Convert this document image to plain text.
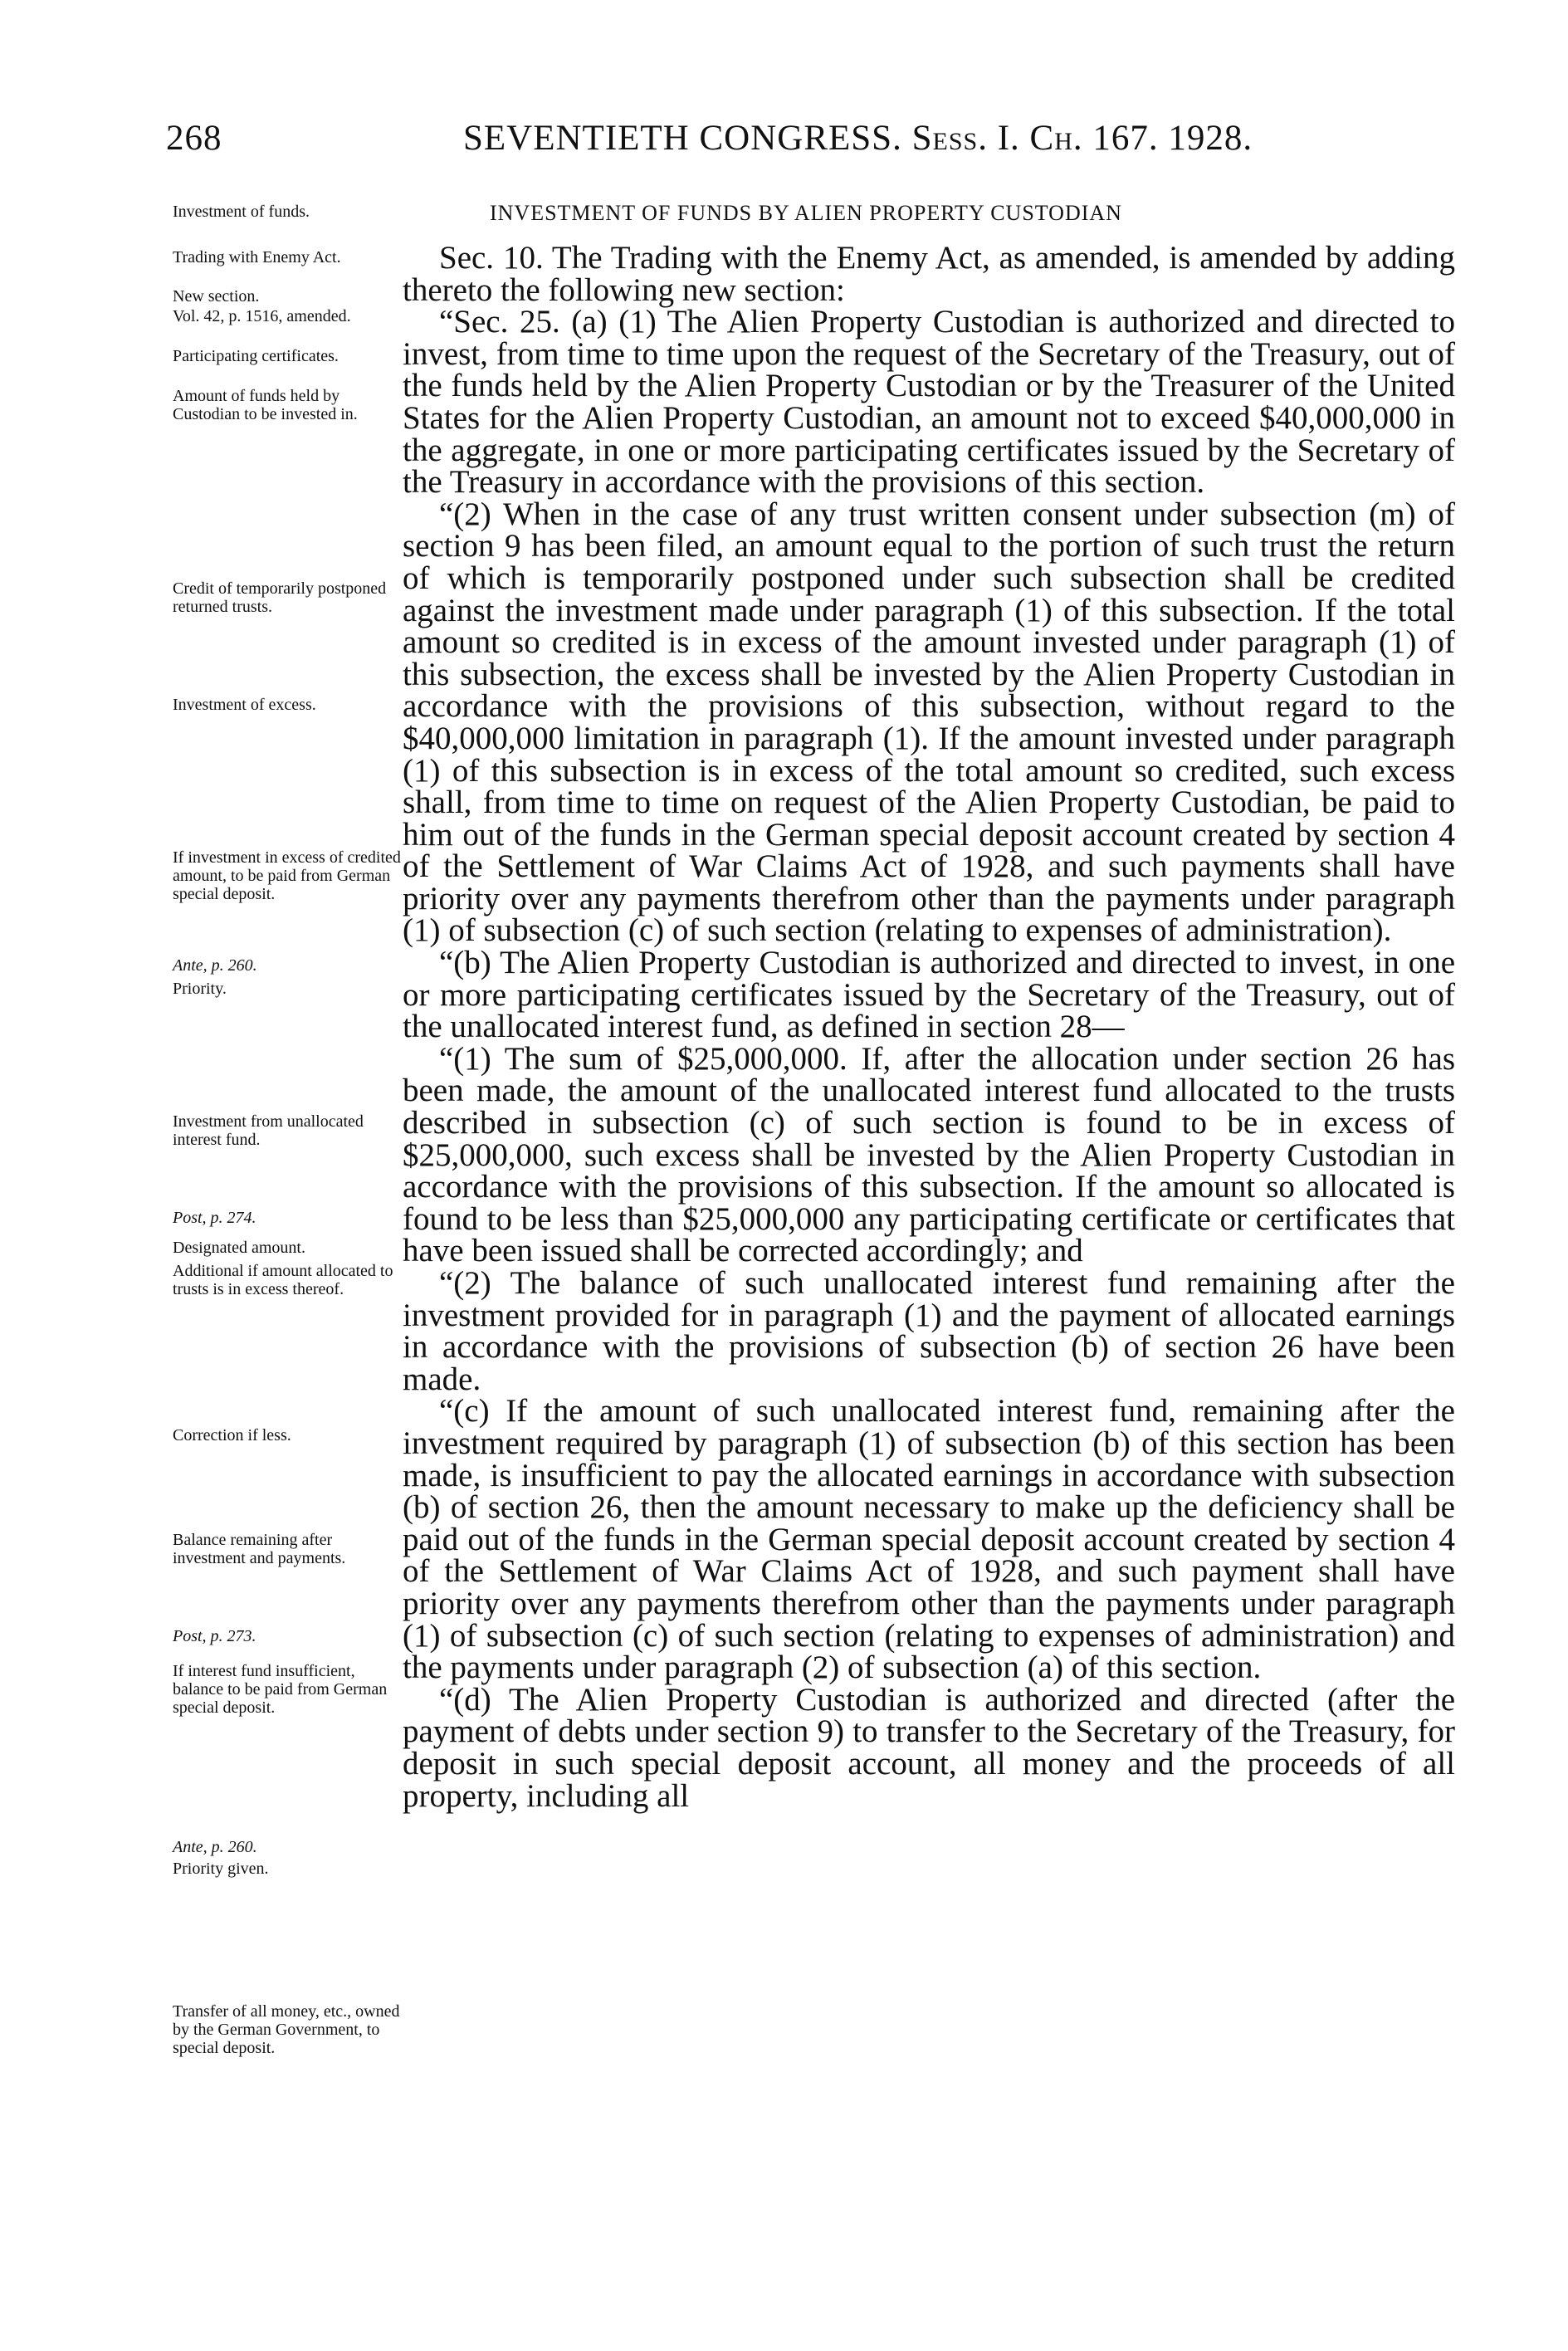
268	SEVENTIETH CONGRESS. Sess. I. Ch. 167. 1928.
INVESTMENT OF FUNDS BY ALIEN PROPERTY CUSTODIAN
Investment of funds.
Trading with Enemy Act.
New section.
Vol. 42, p. 1516, amended.
Participating certificates.
Amount of funds held by Custodian to be invested in.
Credit of temporarily postponed returned trusts.
Investment of excess.
If investment in excess of credited amount, to be paid from German special deposit.
Ante, p. 260.
Priority.
Investment from unallocated interest fund.
Post, p. 274.
Designated amount.
Additional if amount allocated to trusts is in excess thereof.
Correction if less.
Balance remaining after investment and payments.
Post, p. 273.
If interest fund insufficient, balance to be paid from German special deposit.
Ante, p. 260.
Priority given.
Transfer of all money, etc., owned by the German Government, to special deposit.

Sec. 10. The Trading with the Enemy Act, as amended, is amended by adding thereto the following new section:

“Sec. 25. (a) (1) The Alien Property Custodian is authorized and directed to invest, from time to time upon the request of the Secretary of the Treasury, out of the funds held by the Alien Property Custodian or by the Treasurer of the United States for the Alien Property Custodian, an amount not to exceed $40,000,000 in the aggregate, in one or more participating certificates issued by the Secretary of the Treasury in accordance with the provisions of this section.

“(2) When in the case of any trust written consent under subsection (m) of section 9 has been filed, an amount equal to the portion of such trust the return of which is temporarily postponed under such subsection shall be credited against the investment made under paragraph (1) of this subsection. If the total amount so credited is in excess of the amount invested under paragraph (1) of this subsection, the excess shall be invested by the Alien Property Custodian in accordance with the provisions of this subsection, without regard to the $40,000,000 limitation in paragraph (1). If the amount invested under paragraph (1) of this subsection is in excess of the total amount so credited, such excess shall, from time to time on request of the Alien Property Custodian, be paid to him out of the funds in the German special deposit account created by section 4 of the Settlement of War Claims Act of 1928, and such payments shall have priority over any payments therefrom other than the payments under paragraph (1) of subsection (c) of such section (relating to expenses of administration).

“(b) The Alien Property Custodian is authorized and directed to invest, in one or more participating certificates issued by the Secretary of the Treasury, out of the unallocated interest fund, as defined in section 28—

“(1) The sum of $25,000,000. If, after the allocation under section 26 has been made, the amount of the unallocated interest fund allocated to the trusts described in subsection (c) of such section is found to be in excess of $25,000,000, such excess shall be invested by the Alien Property Custodian in accordance with the provisions of this subsection. If the amount so allocated is found to be less than $25,000,000 any participating certificate or certificates that have been issued shall be corrected accordingly; and

“(2) The balance of such unallocated interest fund remaining after the investment provided for in paragraph (1) and the payment of allocated earnings in accordance with the provisions of subsection (b) of section 26 have been made.

“(c) If the amount of such unallocated interest fund, remaining after the investment required by paragraph (1) of subsection (b) of this section has been made, is insufficient to pay the allocated earnings in accordance with subsection (b) of section 26, then the amount necessary to make up the deficiency shall be paid out of the funds in the German special deposit account created by section 4 of the Settlement of War Claims Act of 1928, and such payment shall have priority over any payments therefrom other than the payments under paragraph (1) of subsection (c) of such section (relating to expenses of administration) and the payments under paragraph (2) of subsection (a) of this section.

“(d) The Alien Property Custodian is authorized and directed (after the payment of debts under section 9) to transfer to the Secretary of the Treasury, for deposit in such special deposit account, all money and the proceeds of all property, including all
